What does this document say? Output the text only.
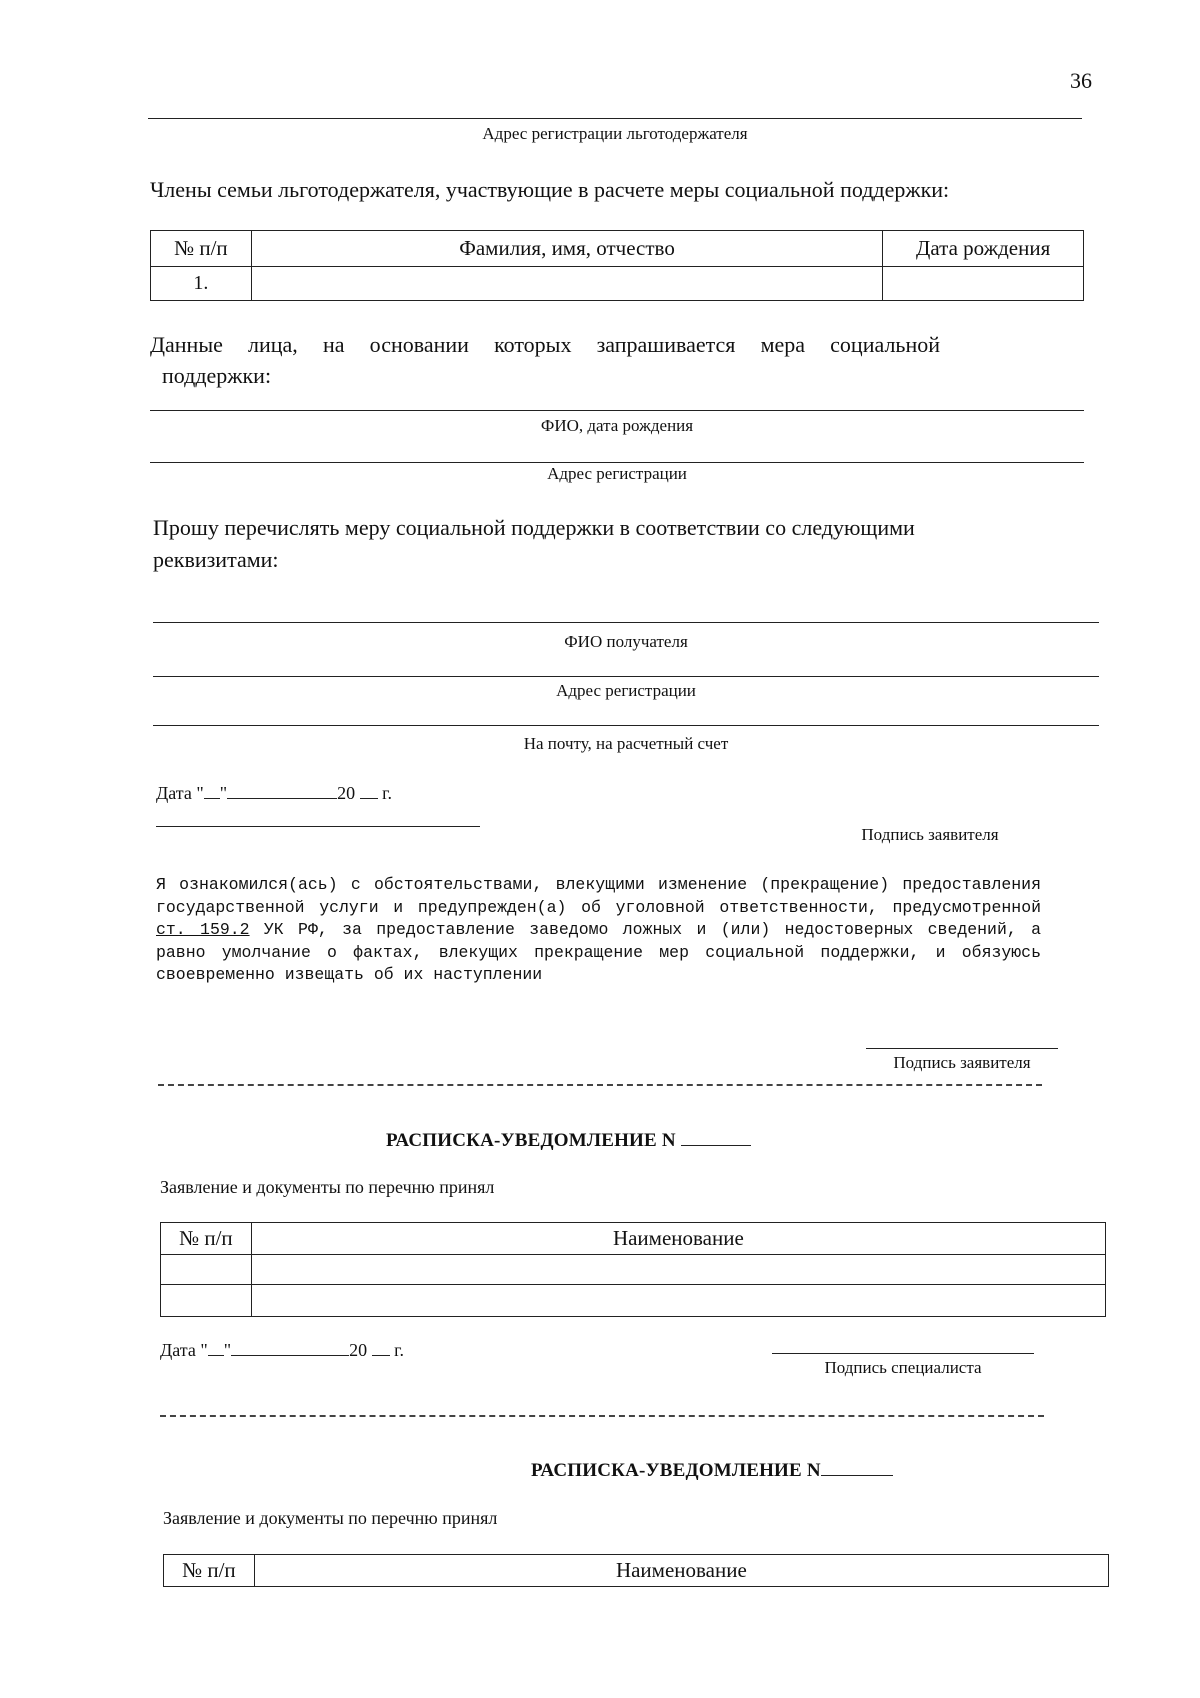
36
Адрес регистрации льготодержателя
Члены семьи льготодержателя, участвующие в расчете меры социальной поддержки:
№ п/п	Фамилия, имя, отчество	Дата рождения
1.		
Данные лица, на основании которых запрашивается мера социальной
поддержки:
ФИО, дата рождения
Адрес регистрации
Прошу перечислять меру социальной поддержки в соответствии со следующими
реквизитами:
ФИО получателя
Адрес регистрации
На почту, на расчетный счет
Дата " "	20 г.
Подпись заявителя
Я ознакомился(ась) с обстоятельствами, влекущими изменение (прекращение) предоставления государственной услуги и предупрежден(а) об уголовной ответственности, предусмотренной ст. 159.2 УК РФ, за предоставление заведомо ложных и (или) недостоверных сведений, а равно умолчание о фактах, влекущих прекращение мер социальной поддержки, и обязуюсь своевременно извещать об их наступлении
Подпись заявителя
РАСПИСКА-УВЕДОМЛЕНИЕ N
Заявление и документы по перечню принял
№ п/п	Наименование

Дата " "	20 г.
Подпись специалиста
РАСПИСКА-УВЕДОМЛЕНИЕ N
Заявление и документы по перечню принял
№ п/п	Наименование
